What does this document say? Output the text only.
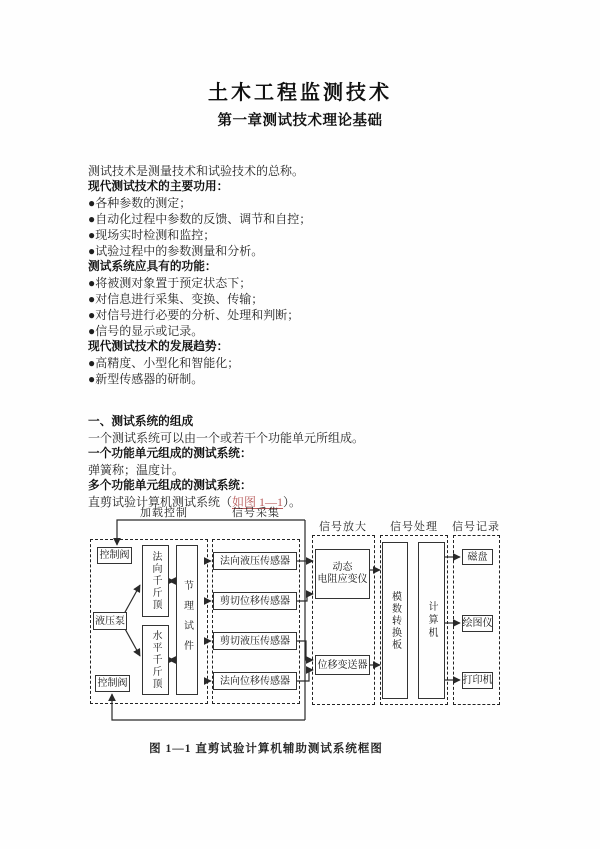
土木工程监测技术
第一章测试技术理论基础
测试技术是测量技术和试验技术的总称。
现代测试技术的主要功用：
●各种参数的测定；
●自动化过程中参数的反馈、调节和自控；
●现场实时检测和监控；
●试验过程中的参数测量和分析。
测试系统应具有的功能：
●将被测对象置于预定状态下；
●对信息进行采集、变换、传输；
●对信号进行必要的分析、处理和判断；
●信号的显示或记录。
现代测试技术的发展趋势：
●高精度、小型化和智能化；
●新型传感器的研制。
一、测试系统的组成
一个测试系统可以由一个或若干个功能单元所组成。
一个功能单元组成的测试系统：
弹簧称；温度计。
多个功能单元组成的测试系统：
直剪试验计算机测试系统（如图 1—1）。
加载控制	信号采集
信号放大 信号处理 信号记录
控制阀
液压泵
控制阀
法向千斤顶
水平千斤顶	节理试件
法向液压传感器
剪切位移传感器
剪切液压传感器
法向位移传感器
动态
电阻应变仪
位移变送器
模数转换板	计算机
磁盘
绘图仪
打印机
图 1—1 直剪试验计算机辅助测试系统框图
